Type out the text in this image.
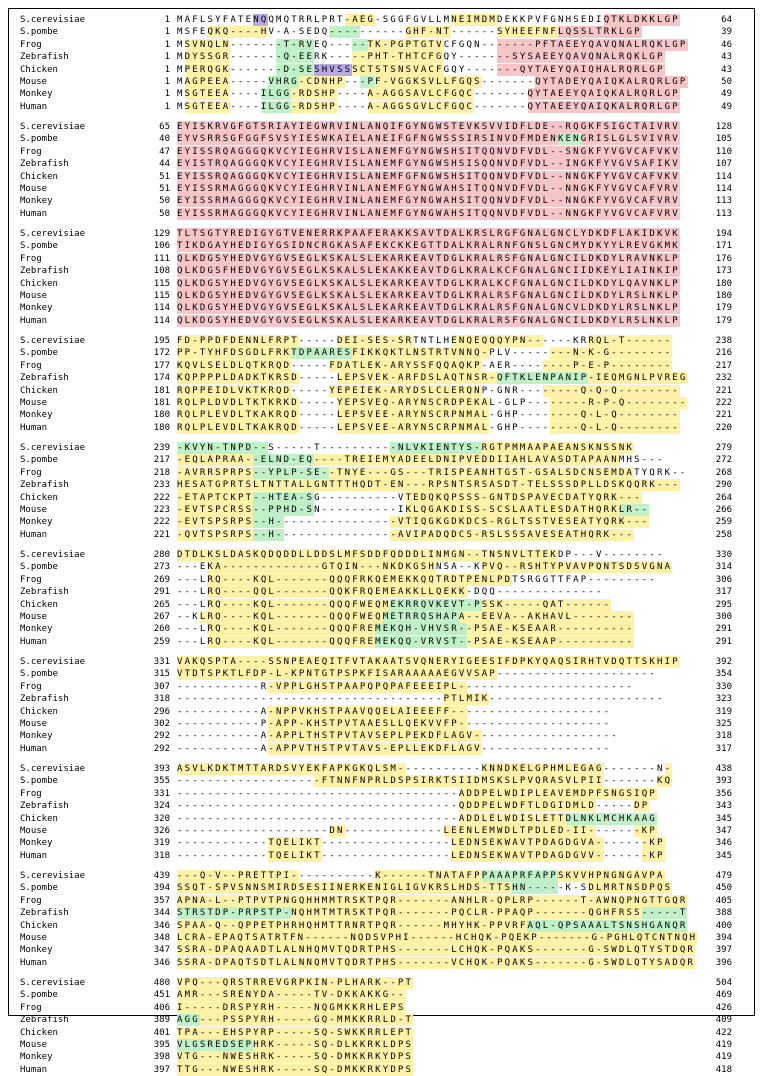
S.cerevisiae	1 MAFLSYFATENQQMQTRRLPRT-AEG-SGGFGVLLMNEIMDMDEKKPVFGNHSEDIQTKLDKKLGP	64
S.pombe	1 MSFEQKQ----HV-A-SEDQ----------GHF-NT------SYHEEFNFLQSSLTRKLGP	39
Frog	1 MSVNQLN-------T-RVEQ-----TK-PGPTGTVCFGQN-------PFTAEEYQAVQNALRQKLGP	46
Zebrafish	1 MDYSSGR-------Q-EERK-----PHT-THTCFGQY-------SYSAEEYQAVQNALRQKLGP	43
Chicken	1 MPERQGK-------D-SESHVSSSCTSTSNSVACFGQY-------QYTAEYQAIQHALRQRLGP	43
Mouse	1 MAGPEEA-----VHRG-CDNHP---PF-VGGKSVLLFGQS-------QYTADEYQAIQKALRQRLGP	50
Monkey	1 MSGTEEA----ILGG-RDSHP----A-AGGSAVLCFGQC-------QYTAEEYQAIQKALRQRLGP	49
Human	1 MSGTEEA----ILGG-RDSHP----A-AGGSGVLCFGQC-------QYTAEEYQAIQKALRQRLGP	49
S.cerevisiae	65 EYISKRVGFGTSRIAYIEGWRVINLANQIFGYNGWSTEVKSVVIDFLDE--RQGKFSIGCTAIVRV	128
S.pombe	40 EYVSRRSGFGGFSVSYIESWKAIELANEIFGFNGWSSSIRSINVDFMDENKENGRISLGLSVIVRV	105
Frog	47 EYISSRQAGGGQKVCYIEGHRVISLANEMFGYNGWSHSITQQNVDFVDL--SNGKFYVGVCAFVKV	110
Zebrafish	44 EYISTRQAGGGQKVCYIEGHRVISLANEMFGYNGWSHSISQQNVDFVDL--INGKFYVGVSAFIKV	107
Chicken	51 EYISSRQAGGGQKVCYIEGHRVISLANEMFGFNGWSHSITQQNVDFVDL--NNGKFYVGVCAFVKV	114
Mouse	51 EYISSRMAGGGQKVCYIEGHRVINLANEMFGYNGWAHSITQQNVDFVDL--NNGKFYVGVCAFVRV	114
Monkey	50 EYISSRMAGGGQKVCYIEGHRVINLANEMFGYNGWAHSITQQNVDFVDL--NNGKFYVGVCAFVRV	113
Human	50 EYISSRMAGGGQKVCYIEGHRVINLANEMFGYNGWAHSITQQNVDFVDL--NNGKFYVGVCAFVRV	113
S.cerevisiae	129 TLTSGTYREDIGYGTVENERRKPAAFERAKKSAVTDALKRSLRGFGNALGNCLYDKDFLAKIDKVK	194
S.pombe	106 TIKDGAYHEDIGYGSIDNCRGKASAFEKCKKEGTTDALKRALRNFGNSLGNCMYDKYYLREVGKMK	171
Frog	111 QLKDGSYHEDVGYGVSEGLKSKALSLEKARKEAVTDGLKRALRSFGNALGNCILDKDYLRAVNKLP	176
Zebrafish	108 QLKDGSFHEDVGYGVSEGLKSKALSLEKAKKEAVTDGLKRALKCFGNALGNCIIDKEYLIAINKIP	173
Chicken	115 QLKDGSYHEDVGYGVSEGLKSKALSLEKARKEAVTDGLKRALKCFGNALGNCILDKDYLQAVNKLP	180
Mouse	115 QLKDGSYHEDVGYGVSEGLKSKALSLEKARKEAVTDGLKRALRSFGNALGNCILDKDYLRSLNKLP	180
Monkey	114 QLKDGSYHEDVGYGVSEGLKSKALSLEKARKEAVTDGLKRALRSFGNALGNCVLDKDYLRSLNKLP	179
Human	114 QLKDGSYHEDVGYGVSEGLKSKALSLEKARKEAVTDGLKRALRSFGNALGNCILDKDYLRSLNKLP	179
S.cerevisiae	195 FD-PPDFDENNLFRPT-----DEI-SES-SRTNTLHENQEQQQYPN------KRRQL-T------	238
S.pombe	172 PP-TYHFDSGDLFRKTDPAARESFIKKQKTLNSTRTVNNQ-PLV--------N-K-G--------	216
Frog	177 KQVLSELDLQTKRQD-----FDATLEK-ARYSSFQQAQKP-AER--------P-E-P--------	217
Zebrafish	174 KQPPPPLDADKTKRSD-----LEPSVEK-ARFDSLAQTNSR-QFTKLENPANIP-IEQMGNLPVREG	232
Chicken	181 RQPPEIDLVKTKRQD-----YEPEIEK-ARYDSLCLERQNP-GNR--------Q-Q-Q--------	221
Mouse	181 RQLPLDVDLTKTKRKD-----YEPSVEQ-ARYNSCRDPEKAL-GLP--------R-P-Q--------	222
Monkey	180 RQLPLEVDLTKAKRQD-----LEPSVEE-ARYNSCRPNMAL-GHP--------Q-L-Q--------	221
Human	180 RQLPLEVDLTKAKRQD-----LEPSVEE-ARYNSCRPNMAL-GHP--------Q-L-Q--------	220
S.cerevisiae	239 -KVYN-TNPD--S-----T----------NLVKIENTYS-RGTPMMAAPAEANSKNSSNK	279
S.pombe	217 -EQLAPRAA--ELND-EQ----TREIEMYADEELDNIPVEDDIIAHLAVASDTAPAANMHS---	272
Frog	218 -AVRRSPRPS--YPLP-SE--TNYE---GS---TRISPEANHTGST-GSALSDCNSEMDATYQRK--	268
Zebrafish	233 HESATGPRTSLTNTTALLGNTTTHQDT-EN---RPSNTSRSASDT-TELSSSDPLLDSKQQRK---	290
Chicken	222 -ETAPTCKPT--HTEA-SG----------VTEDQKQPSSS-GNTDSPAVECDATYQRK---	264
Mouse	223 -EVTSPCRSS--PPHD-SN----------IKLQGAKDISS-SCSLAATLESDATHQRKLR--	266
Monkey	222 -EVTSPSRPS--H----------------VTIQGKGDKDCS-RGLTSSTVESEATYQRK---	259
Human	221 -QVTSPSRPS--H----------------AVIPADQDCS-RSLSSSAVESEATHQRK---	258
S.cerevisiae	280 DTDLKSLDASKQDQDDLLDDSLMFSDDFQDDDLINMGN--TNSNVLTTEKDP---V--------	330
S.pombe	273 ---EKA-------------GTQIN---NKDKGSHNSA--KPVQ--RSHTYPVAVPQNTSDSVGNA	314
Frog	269 ---LRQ----KQL-------QQQFRKQEMEKKQQTRDTPENLPDTSRGGTTFAP---------	306
Zebrafish	291 ---LRQ----QQL-------QQKFRQEMEAKKLLQEKK-DQQ--------------	317
Chicken	265 ---LRQ----KQL-------QQQFWEQMEKRRQVKEVT-PSSK-----QAT------	295
Mouse	267 --KLRQ----KQL-------QQQFWEQMETRRQSHAPA--EEVA--AKHAVL--------	300
Monkey	260 ---LRQ----KQL-------QQQFREMEKQH-VHVSR--PSAE-KSEAAR----------	291
Human	259 ---LRQ----KQL-------QQQFREMEKQQ-VRVST--PSAE-KSEAAP----------	291
S.cerevisiae	331 VAKQSPTA----SSNPEAEQITFVTAKAATSVQNERYIGEESIFDPKYQAQSIRHTVDQTTSKHIP	392
S.pombe	315 VTDTSPKTLFDP-L-KPNTGTPSPKFISARAAAAAEGVVSAP---------------------	354
Frog	307 -----------R-VPPLGHSTPAAPQPQPAFEEEIPL-----------------------	330
Zebrafish	318 -----------------------------------PTLMIK-----------------------	323
Chicken	296 -----------A-NPPVKHSTPAAVQQELAIEEEFF---------------------	319
Mouse	302 -----------P-APP-KHSTPVTAAESLLQEKVVFP--------------------	325
Monkey	292 -----------A-APPLTHSTPVTAVSEPLPEKDFLAGV-------------------	318
Human	292 -----------A-APPVTHSTPVTAVS-EPLLEKDFLAGV-----------------	317
S.cerevisiae	393 ASVLKDKTMTTARDSVYEKFAPKGKQLSM-----------KNNDKELGPHMLEGAG-------N-	438
S.pombe	355 -------------------FTNNFNPRLDSPSIRKTSIIDMSKSLPVQRASVLPII-------KQ	393
Frog	331 -------------------------------------ADDPELWDIPLEAVEMDPFSNGSIQP	356
Zebrafish	324 -------------------------------------QDDPELWDFTLDGIDMLD-----DP	343
Chicken	320 -------------------------------------ADDLELWDISLETTDLNKLMCHKAAG	345
Mouse	326 --------------------DN-------------LEENLEMWDLTPDLED-II-------KP	347
Monkey	319 ------------TQELIKT-----------------LEDNSEKWAVTPDAGDGVA-------KP	346
Human	318 ------------TQELIKT-----------------LEDNSEKWAVTPDAGDGVV-------KP	345
S.cerevisiae	439 ---Q-V--PRETTPI-----------K------TNATAFPPAAAPRFAPPSKVVHPNGNGAVPA	479
S.pombe	394 SSQT-SPVSNNSMIRDSESIINERKENIGLIGVKRSLHDS-TTSHN-----K-SDLMRTNSDPQS	450
Frog	357 APNA-L--PTPVTPNGQHHMMTRSKTPQR-------ANHLR-QPLRP------T-AWNQPNGTTGQR	405
Zebrafish	344 STRSTDP-PRPSTP-NQHMTMTRSKTPQR-------PQCLR-PPAQP-------QGHFRSS-----T	388
Chicken	346 SPAA-Q--QPPETPHRHQHMTTRNRTPQR------MHYHK-PPVRFAQL-QPSAAALTSNSHGANQR	400
Mouse	348 LCRA-EPAQTSATRTFN------NQDSVPHI------HCHQK-PQEKP-------G-PGHLQTCNTNQH	394
Monkey	347 SSRA-DPAQAADTLALNHQMVTQDRTPHS-------LCHQK-PQAKS-------G-SWDLQTYSTDQR	397
Human	346 SSRA-DPAQTSDTLALNNQMVTQDRTPHS-------VCHQK-PQAKS-------G-SWDLQTYSADQR	396
S.cerevisiae	480 VPQ---QRSTRREVGRPKIN-PLHARK--PT	504
S.pombe	451 AMR---SRENYDA-----TV-DKKAKKG--	469
Frog	406 I-----DRSPYRH-----NQGMKKRHLEPS	426
Zebrafish	389 AGG---PSSPYRH-----GQ-MMKKRRLD-T	409
Chicken	401 TPA---EHSPYRP-----SQ-SWKKRRLEPT	422
Mouse	395 VLGSREDSEPHRK-----SQ-DLKKRKLDPS	419
Monkey	398 VTG---NWESHRK-----SQ-DMKKRKYDPS	419
Human	397 TTG---NWESHRK-----SQ-DMKKRKYDPS	418
